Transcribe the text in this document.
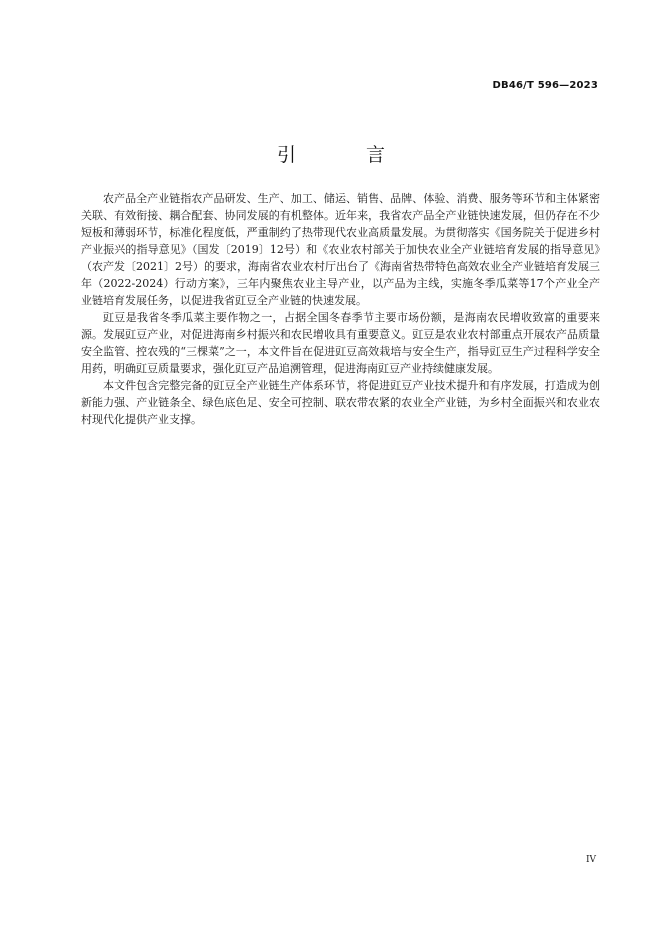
DB46/T 596—2023
引 言

农产品全产业链指农产品研发、生产、加工、储运、销售、品牌、体验、消费、服务等环节和主体紧密关联、有效衔接、耦合配套、协同发展的有机整体。近年来，我省农产品全产业链快速发展，但仍存在不少短板和薄弱环节，标准化程度低，严重制约了热带现代农业高质量发展。为贯彻落实《国务院关于促进乡村产业振兴的指导意见》（国发〔2019〕12号）和《农业农村部关于加快农业全产业链培育发展的指导意见》（农产发〔2021〕2号）的要求，海南省农业农村厅出台了《海南省热带特色高效农业全产业链培育发展三年（2022-2024）行动方案》，三年内聚焦农业主导产业，以产品为主线，实施冬季瓜菜等17个产业全产业链培育发展任务，以促进我省豇豆全产业链的快速发展。

豇豆是我省冬季瓜菜主要作物之一，占据全国冬春季节主要市场份额，是海南农民增收致富的重要来源。发展豇豆产业，对促进海南乡村振兴和农民增收具有重要意义。豇豆是农业农村部重点开展农产品质量安全监管、控农残的“三棵菜”之一，本文件旨在促进豇豆高效栽培与安全生产，指导豇豆生产过程科学安全用药，明确豇豆质量要求，强化豇豆产品追溯管理，促进海南豇豆产业持续健康发展。

本文件包含完整完备的豇豆全产业链生产体系环节，将促进豇豆产业技术提升和有序发展，打造成为创新能力强、产业链条全、绿色底色足、安全可控制、联农带农紧的农业全产业链，为乡村全面振兴和农业农村现代化提供产业支撑。

IV
